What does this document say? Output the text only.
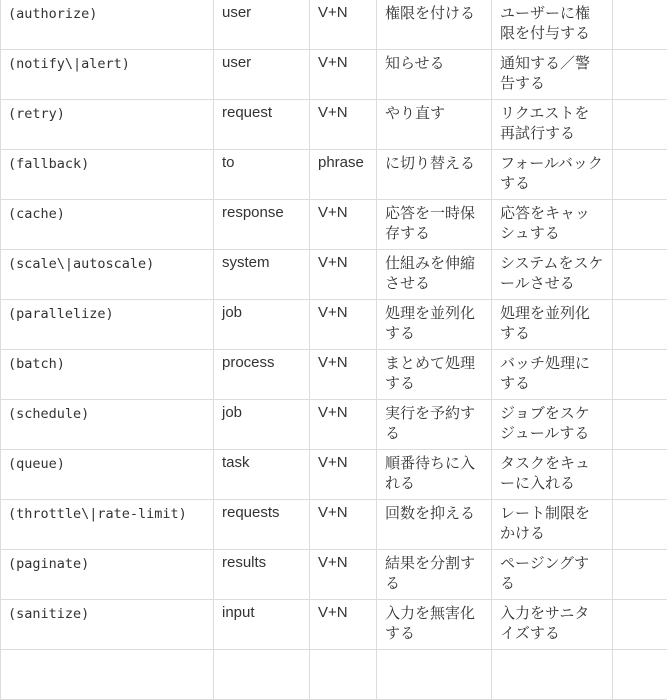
(authorize)	user	V+N	権限を付ける	ユーザーに権限を付与する	
(notify\|alert)	user	V+N	知らせる	通知する／警告する	
(retry)	request	V+N	やり直す	リクエストを再試行する	
(fallback)	to	phrase	に切り替える	フォールバックする	
(cache)	response	V+N	応答を一時保存する	応答をキャッシュする	
(scale\|autoscale)	system	V+N	仕組みを伸縮させる	システムをスケールさせる	
(parallelize)	job	V+N	処理を並列化する	処理を並列化する	
(batch)	process	V+N	まとめて処理する	バッチ処理にする	
(schedule)	job	V+N	実行を予約する	ジョブをスケジュールする	
(queue)	task	V+N	順番待ちに入れる	タスクをキューに入れる	
(throttle\|rate-limit)	requests	V+N	回数を抑える	レート制限をかける	
(paginate)	results	V+N	結果を分割する	ページングする	
(sanitize)	input	V+N	入力を無害化する	入力をサニタイズする	
